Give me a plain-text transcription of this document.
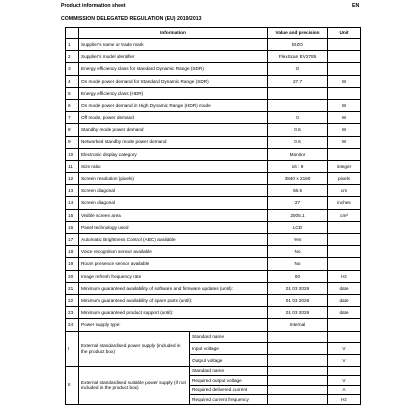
Product information sheet	EN
COMMISSION DELEGATED REGULATION (EU) 2019/2013
	Information		Value and precision	Unit
1	Supplier's name or trade mark		EIZO	
2	Supplier's model identifier		FlexScan EV2785	
3	Energy efficiency class for standard Dynamic Range (SDR)		G	
4	On mode power demand for Standard Dynamic Range (SDR)		27.7	W
5	Energy efficiency class (HDR)			
6	On mode power demand in High Dynamic Range (HDR) mode			W
7	Off mode, power demand		0	W
8	Standby mode power demand		0.5	W
9	Networked standby mode power demand		0.5	W
10	Electronic display category		Monitor	
11	Size ratio		16 : 9	integer
12	Screen resolution (pixels)		3840 x 2160	pixels
13	Screen diagonal		68.5	cm
14	Screen diagonal		27	inches
15	Visible screen area		2005.1	cm²
16	Panel technology used		LCD	
17	Automatic Brightness Control (ABC) available		Yes	
18	Voice recognition sensor available		No	
19	Room presence sensor available		No	
20	Image refresh frequency rate		60	Hz
21	Minimum guaranteed availability of software and firmware updates (until):		01 03 2026	date
22	Minimum guaranteed availability of spare parts (until):		01 03 2026	date
23	Minimum guaranteed product support (until):		01 03 2026	date
24	Power supply type:		Internal	
I	External standardised power supply (included in the product box)	Standard name		
		Input voltage		V
		Output voltage		V
II	External standardised suitable power supply (if not included in the product box)	Standard name		
		Required output voltage		V
		Required delivered current		A
		Required current frequency		Hz
